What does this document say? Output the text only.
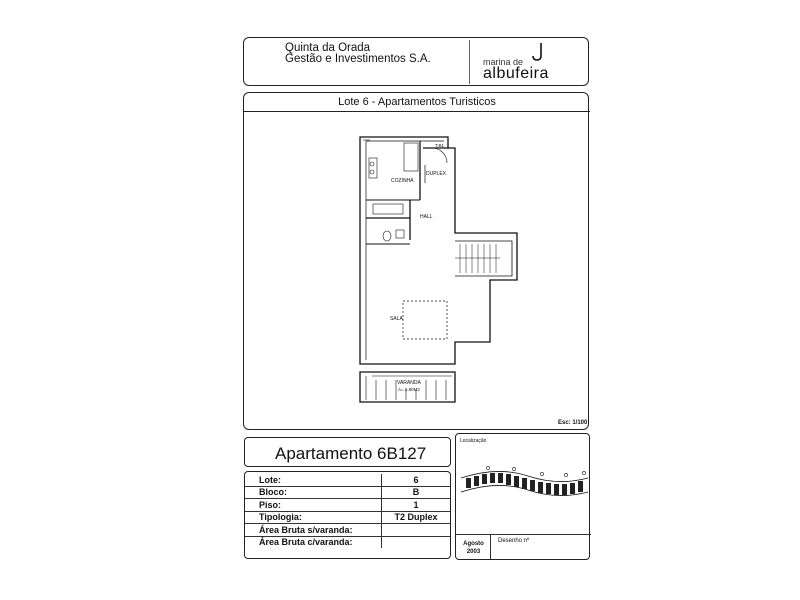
Quinta da Orada
Gestão e Investimentos S.A.	marina de
albufeira
Lote 6 - Apartamentos Turisticos
Esc: 1/100
COZINHA
DUPLEX
T.B1
HALL
SALA
VARANDA
A= 8.80M2
Apartamento 6B127
Lote:	6
Bloco:	B
Piso:	1
Tipologia:	T2 Duplex
Área Bruta s/varanda:	
Área Bruta c/varanda:	
Localização
Agosto
2003
Desenho nº
